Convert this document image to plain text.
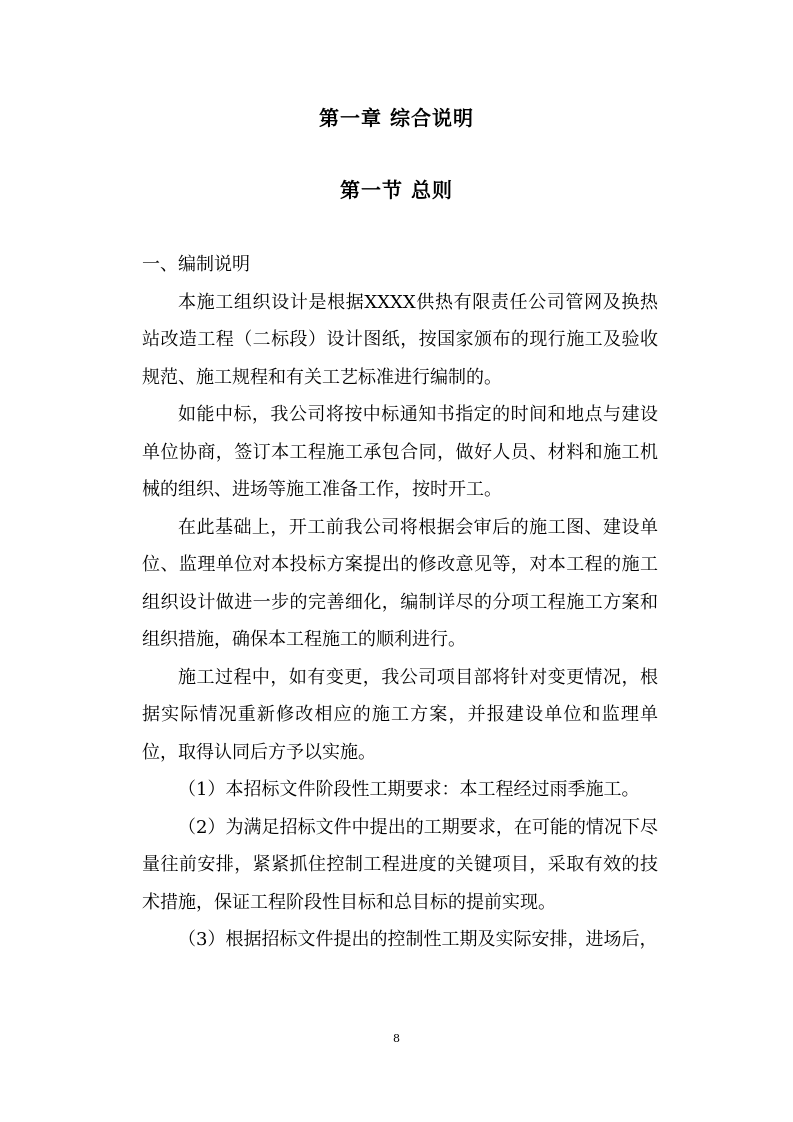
第一章 综合说明
第一节 总则

一、编制说明

本施工组织设计是根据XXXX供热有限责任公司管网及换热站改造工程（二标段）设计图纸，按国家颁布的现行施工及验收规范、施工规程和有关工艺标准进行编制的。

如能中标，我公司将按中标通知书指定的时间和地点与建设单位协商，签订本工程施工承包合同，做好人员、材料和施工机械的组织、进场等施工准备工作，按时开工。

在此基础上，开工前我公司将根据会审后的施工图、建设单位、监理单位对本投标方案提出的修改意见等，对本工程的施工组织设计做进一步的完善细化，编制详尽的分项工程施工方案和组织措施，确保本工程施工的顺利进行。

施工过程中，如有变更，我公司项目部将针对变更情况，根据实际情况重新修改相应的施工方案，并报建设单位和监理单位，取得认同后方予以实施。

（1）本招标文件阶段性工期要求：本工程经过雨季施工。

（2）为满足招标文件中提出的工期要求，在可能的情况下尽量往前安排，紧紧抓住控制工程进度的关键项目，采取有效的技术措施，保证工程阶段性目标和总目标的提前实现。

（3）根据招标文件提出的控制性工期及实际安排，进场后，

8
